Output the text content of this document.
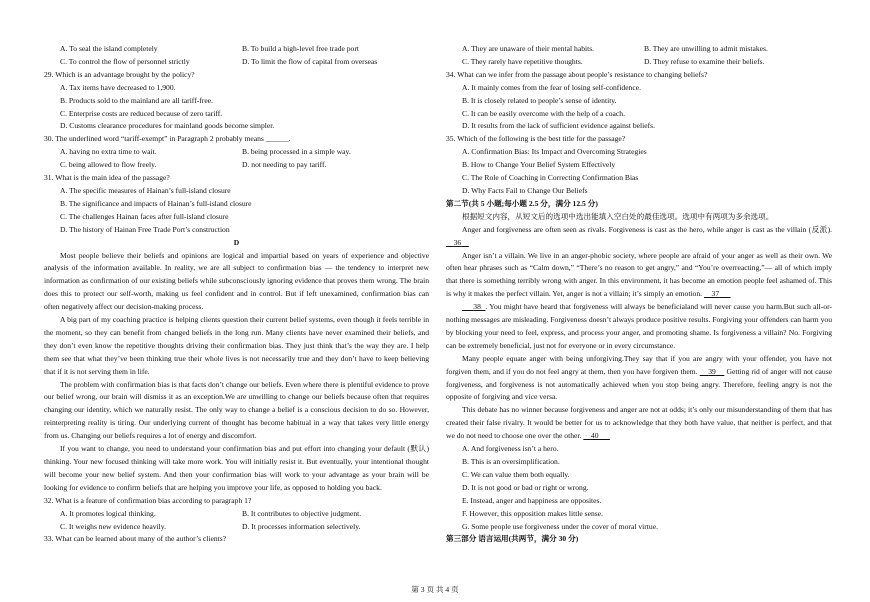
A. To seal the island completely	B. To build a high-level free trade port
C. To control the flow of personnel strictly	D. To limit the flow of capital from overseas
29. Which is an advantage brought by the policy?
A. Tax items have decreased to 1,900.
B. Products sold to the mainland are all tariff-free.
C. Enterprise costs are reduced because of zero tariff.
D. Customs clearance procedures for mainland goods become simpler.
30. The underlined word “tariff-exempt” in Paragraph 2 probably means ______.
A. having no extra time to wait.	B. being processed in a simple way.
C. being allowed to flow freely.	D. not needing to pay tariff.
31. What is the main idea of the passage?
A. The specific measures of Hainan’s full-island closure
B. The significance and impacts of Hainan’s full-island closure
C. The challenges Hainan faces after full-island closure
D. The history of Hainan Free Trade Port’s construction
D
Most people believe their beliefs and opinions are logical and impartial based on years of experience and objective analysis of the information available. In reality, we are all subject to confirmation bias — the tendency to interpret new information as confirmation of our existing beliefs while subconsciously ignoring evidence that proves them wrong. The brain does this to protect our self-worth, making us feel confident and in control. But if left unexamined, confirmation bias can often negatively affect our decision-making process.
A big part of my coaching practice is helping clients question their current belief systems, even though it feels terrible in the moment, so they can benefit from changed beliefs in the long run. Many clients have never examined their beliefs, and they don’t even know the repetitive thoughts driving their confirmation bias. They just think that’s the way they are. I help them see that what they’ve been thinking true their whole lives is not necessarily true and they don’t have to keep believing that if it is not serving them in life.
The problem with confirmation bias is that facts don’t change our beliefs. Even where there is plentiful evidence to prove our belief wrong, our brain will dismiss it as an exception.We are unwilling to change our beliefs because often that requires changing our identity, which we naturally resist. The only way to change a belief is a conscious decision to do so. However, reinterpreting reality is tiring. Our underlying current of thought has become habitual in a way that takes very little energy from us. Changing our beliefs requires a lot of energy and discomfort.
If you want to change, you need to understand your confirmation bias and put effort into changing your default (默认) thinking. Your new focused thinking will take more work. You will initially resist it. But eventually, your intentional thought will become your new belief system. And then your confirmation bias will work to your advantage as your brain will be looking for evidence to confirm beliefs that are helping you improve your life, as opposed to holding you back.
32. What is a feature of confirmation bias according to paragraph 1?
A. It promotes logical thinking.	B. It contributes to objective judgment.
C. It weighs new evidence heavily.	D. It processes information selectively.
33. What can be learned about many of the author’s clients?
A. They are unaware of their mental habits.	B. They are unwilling to admit mistakes.
C. They rarely have repetitive thoughts.	D. They refuse to examine their beliefs.
34. What can we infer from the passage about people’s resistance to changing beliefs?
A. It mainly comes from the fear of losing self-confidence.
B. It is closely related to people’s sense of identity.
C. It can be easily overcome with the help of a coach.
D. It results from the lack of sufficient evidence against beliefs.
35. Which of the following is the best title for the passage?
A. Confirmation Bias: Its Impact and Overcoming Strategies
B. How to Change Your Belief System Effectively
C. The Role of Coaching in Correcting Confirmation Bias
D. Why Facts Fail to Change Our Beliefs
第二节(共 5 小题;每小题 2.5 分，满分 12.5 分)
根据短文内容，从短文后的选项中选出能填入空白处的最佳选项。选项中有两项为多余选项。
Anger and forgiveness are often seen as rivals. Forgiveness is cast as the hero, while anger is cast as the villain (反派).     36
Anger isn’t a villain. We live in an anger-phobic society, where people are afraid of your anger as well as their own. We often hear phrases such as “Calm down,” “There’s no reason to get angry,” and “You’re overreacting,”— all of which imply that there is something terribly wrong with anger. In this environment, it has become an emotion people feel ashamed of. This is why it makes the perfect villain. Yet, anger is not a villain; it’s simply an emotion. 37
38 . You might have heard that forgiveness will always be beneficialand will never cause you harm.But such all-or-nothing messages are misleading. Forgiveness doesn’t always produce positive results. Forgiving your offenders can harm you by blocking your need to feel, express, and process your anger, and promoting shame. Is forgiveness a villain? No. Forgiving can be extremely beneficial, just not for everyone or in every circumstance.
Many people equate anger with being unforgiving.They say that if you are angry with your offender, you have not forgiven them, and if you do not feel angry at them, then you have forgiven them. 39 Getting rid of anger will not cause forgiveness, and forgiveness is not automatically achieved when you stop being angry. Therefore, feeling angry is not the opposite of forgiving and vice versa.
This debate has no winner because forgiveness and anger are not at odds; it’s only our misunderstanding of them that has created their false rivalry. It would be better for us to acknowledge that they both have value, that neither is perfect, and that we do not need to choose one over the other. 40
A. And forgiveness isn’t a hero.
B. This is an oversimplification.
C. We can value them both equally.
D. It is not good or bad or right or wrong.
E. Instead, anger and happiness are opposites.
F. However, this opposition makes little sense.
G. Some people use forgiveness under the cover of moral virtue.
第三部分 语言运用(共两节，满分 30 分)
第 3 页 共 4 页
